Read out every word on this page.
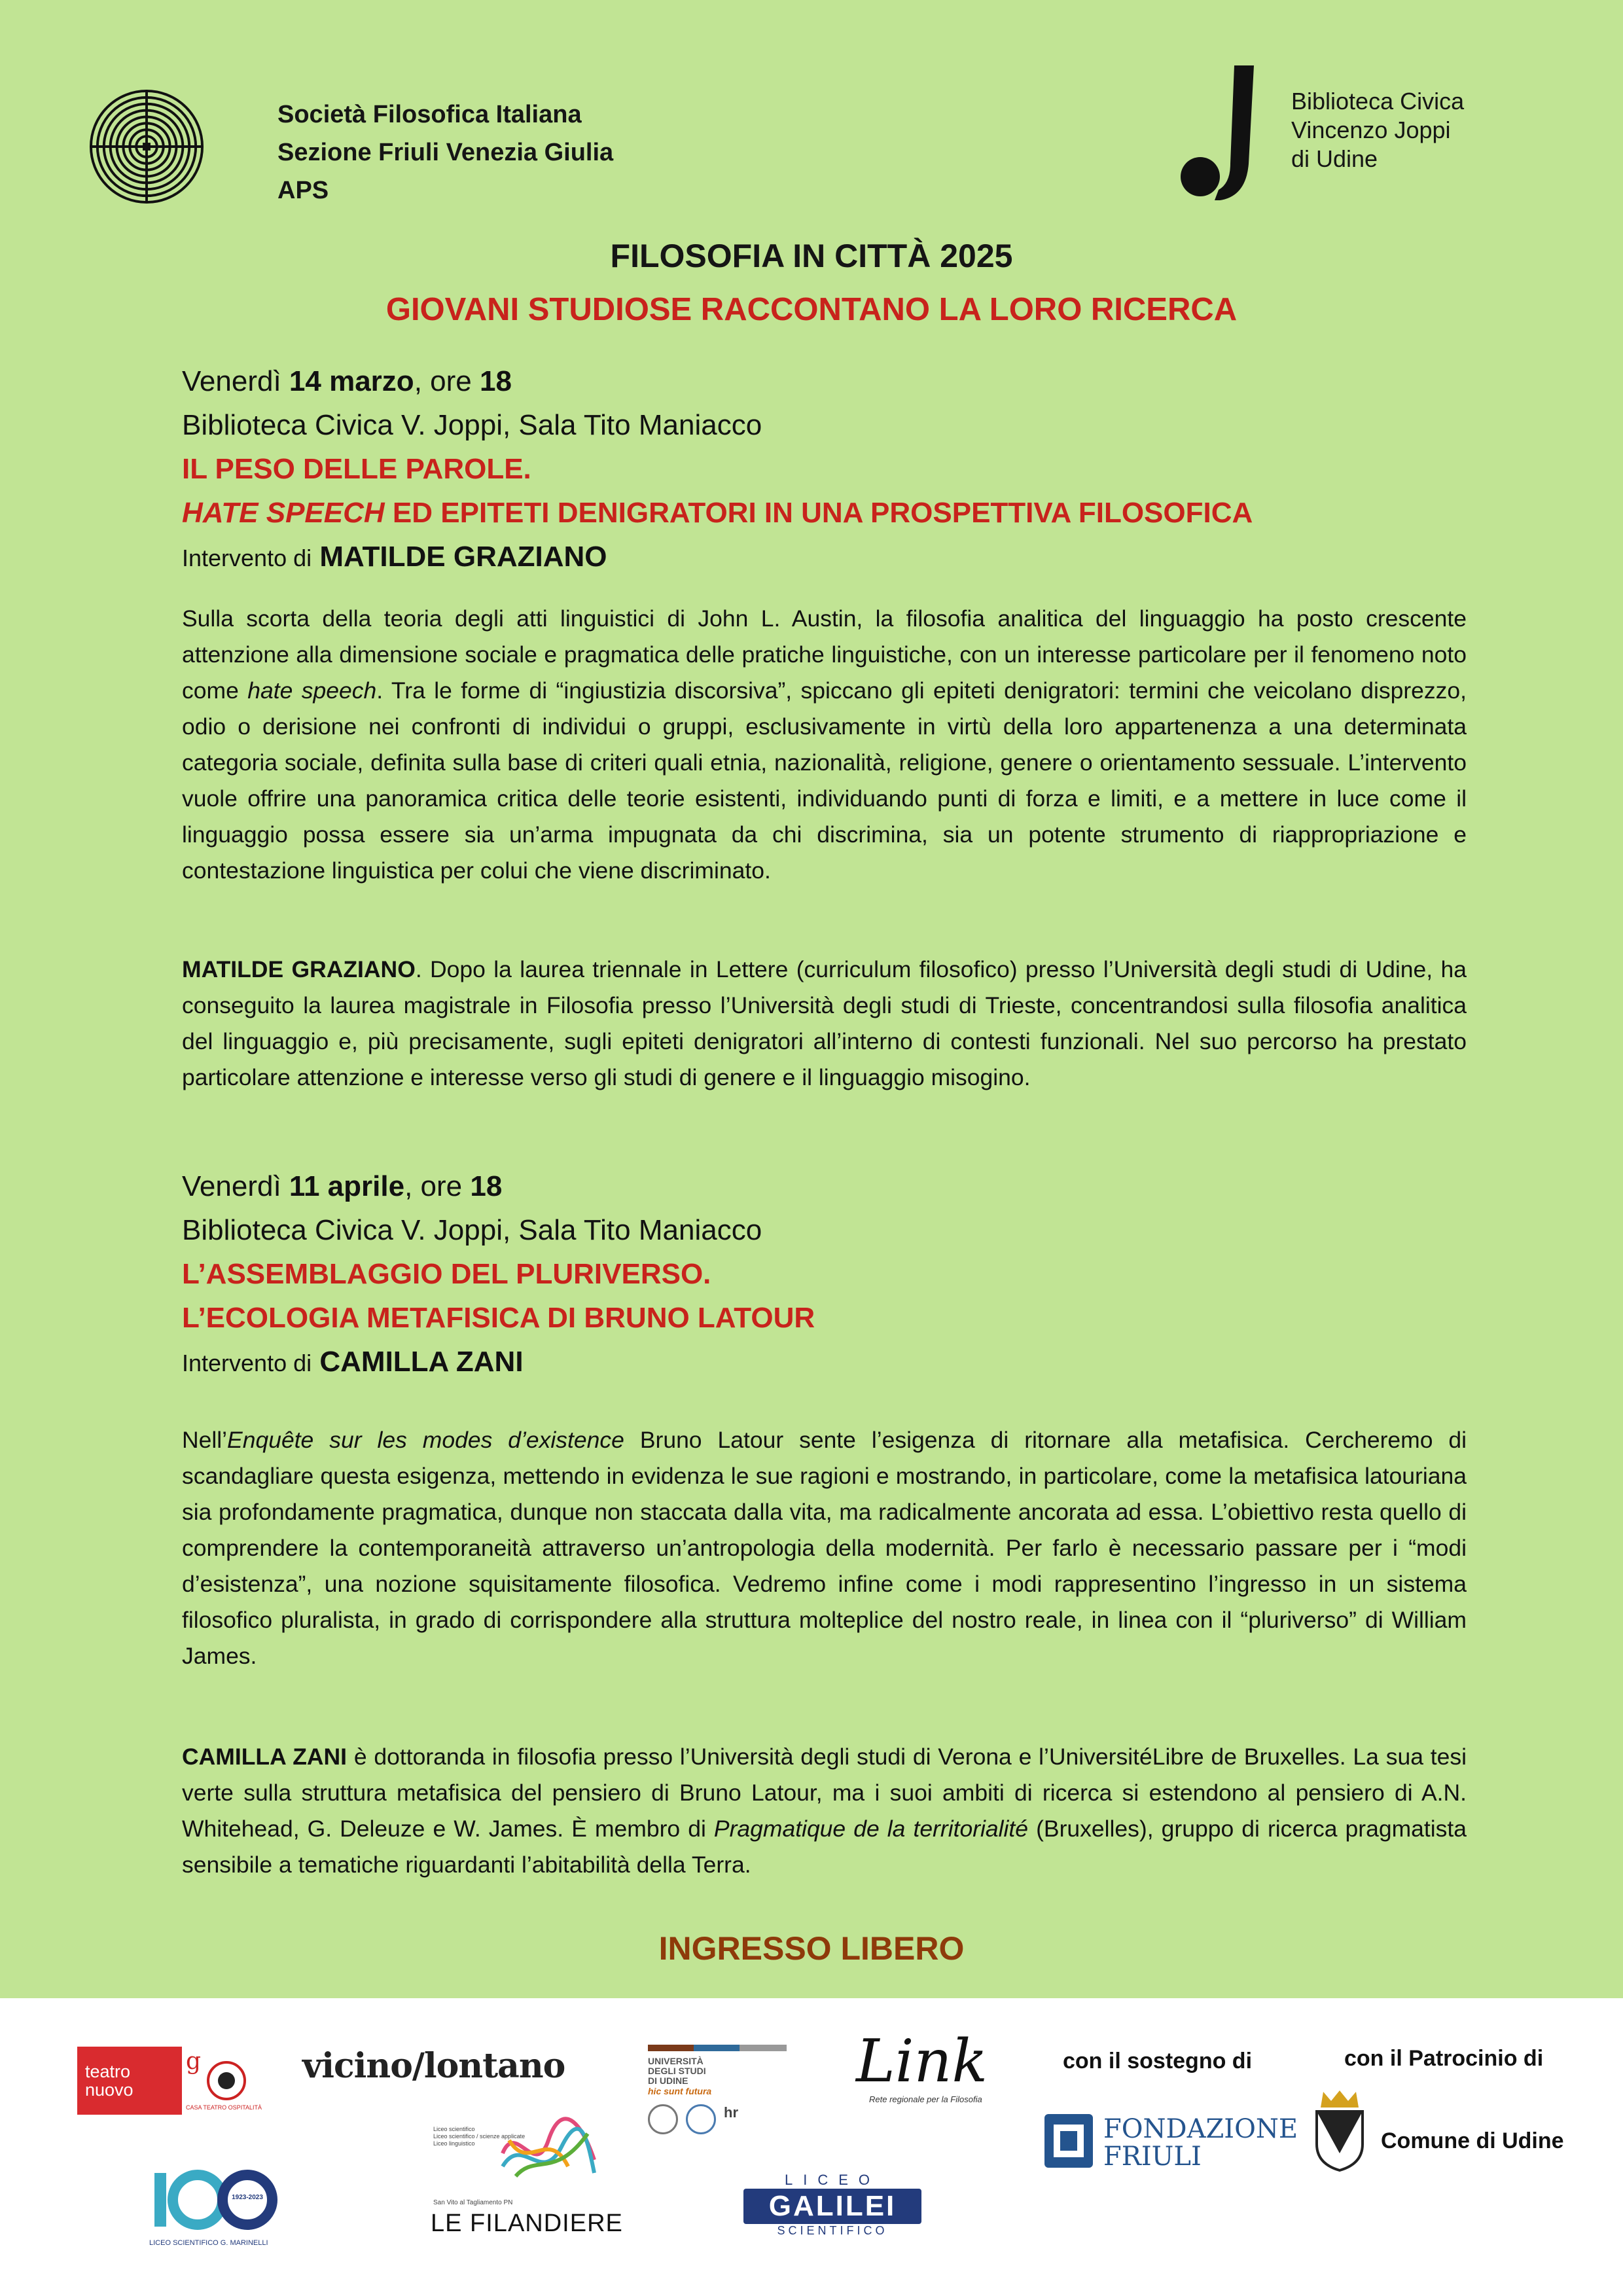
Società Filosofica Italiana
Sezione Friuli Venezia Giulia
APS
Biblioteca Civica
Vincenzo Joppi
di Udine
FILOSOFIA IN CITTÀ 2025
GIOVANI STUDIOSE RACCONTANO LA LORO RICERCA
Venerdì 14 marzo, ore 18
Biblioteca Civica V. Joppi, Sala Tito Maniacco
IL PESO DELLE PAROLE.
HATE SPEECH ED EPITETI DENIGRATORI IN UNA PROSPETTIVA FILOSOFICA
Intervento di MATILDE GRAZIANO
Sulla scorta della teoria degli atti linguistici di John L. Austin, la filosofia analitica del linguaggio ha posto crescente attenzione alla dimensione sociale e pragmatica delle pratiche linguistiche, con un interesse particolare per il fenomeno noto come hate speech. Tra le forme di “ingiustizia discorsiva”, spiccano gli epiteti denigratori: termini che veicolano disprezzo, odio o derisione nei confronti di individui o gruppi, esclusivamente in virtù della loro appartenenza a una determinata categoria sociale, definita sulla base di criteri quali etnia, nazionalità, religione, genere o orientamento sessuale. L’intervento vuole offrire una panoramica critica delle teorie esistenti, individuando punti di forza e limiti, e a mettere in luce come il linguaggio possa essere sia un’arma impugnata da chi discrimina, sia un potente strumento di riappropriazione e contestazione linguistica per colui che viene discriminato.
MATILDE GRAZIANO. Dopo la laurea triennale in Lettere (curriculum filosofico) presso l’Università degli studi di Udine, ha conseguito la laurea magistrale in Filosofia presso l’Università degli studi di Trieste, concentrandosi sulla filosofia analitica del linguaggio e, più precisamente, sugli epiteti denigratori all’interno di contesti funzionali. Nel suo percorso ha prestato particolare attenzione e interesse verso gli studi di genere e il linguaggio misogino.
Venerdì 11 aprile, ore 18
Biblioteca Civica V. Joppi, Sala Tito Maniacco
L’ASSEMBLAGGIO DEL PLURIVERSO.
L’ECOLOGIA METAFISICA DI BRUNO LATOUR
Intervento di CAMILLA ZANI
Nell’Enquête sur les modes d’existence Bruno Latour sente l’esigenza di ritornare alla metafisica. Cercheremo di scandagliare questa esigenza, mettendo in evidenza le sue ragioni e mostrando, in particolare, come la metafisica latouriana sia profondamente pragmatica, dunque non staccata dalla vita, ma radicalmente ancorata ad essa. L’obiettivo resta quello di comprendere la contemporaneità attraverso un’antropologia della modernità. Per farlo è necessario passare per i “modi d’esistenza”, una nozione squisitamente filosofica. Vedremo infine come i modi rappresentino l’ingresso in un sistema filosofico pluralista, in grado di corrispondere alla struttura molteplice del nostro reale, in linea con il “pluriverso” di William James.
CAMILLA ZANI è dottoranda in filosofia presso l’Università degli studi di Verona e l’UniversitéLibre de Bruxelles. La sua tesi verte sulla struttura metafisica del pensiero di Bruno Latour, ma i suoi ambiti di ricerca si estendono al pensiero di A.N. Whitehead, G. Deleuze e W. James. È membro di Pragmatique de la territorialité (Bruxelles), gruppo di ricerca pragmatista sensibile a tematiche riguardanti l’abitabilità della Terra.
INGRESSO LIBERO
teatro nuovo
g
CASA TEATRO OSPITALITÀ
vicino/lontano	UNIVERSITÀ
DEGLI STUDI
DI UDINE
hic sunt futura
hr
Link
Rete regionale per la Filosofia
con il sostegno di
FONDAZIONE
FRIULI
con il Patrocinio di
Comune di Udine
1923-2023
LICEO SCIENTIFICO G. MARINELLI
Liceo scientifico
Liceo scientifico / scienze applicate
Liceo linguistico
San Vito al Tagliamento PN
LE FILANDIERE
LICEO
GALILEI
SCIENTIFICO
